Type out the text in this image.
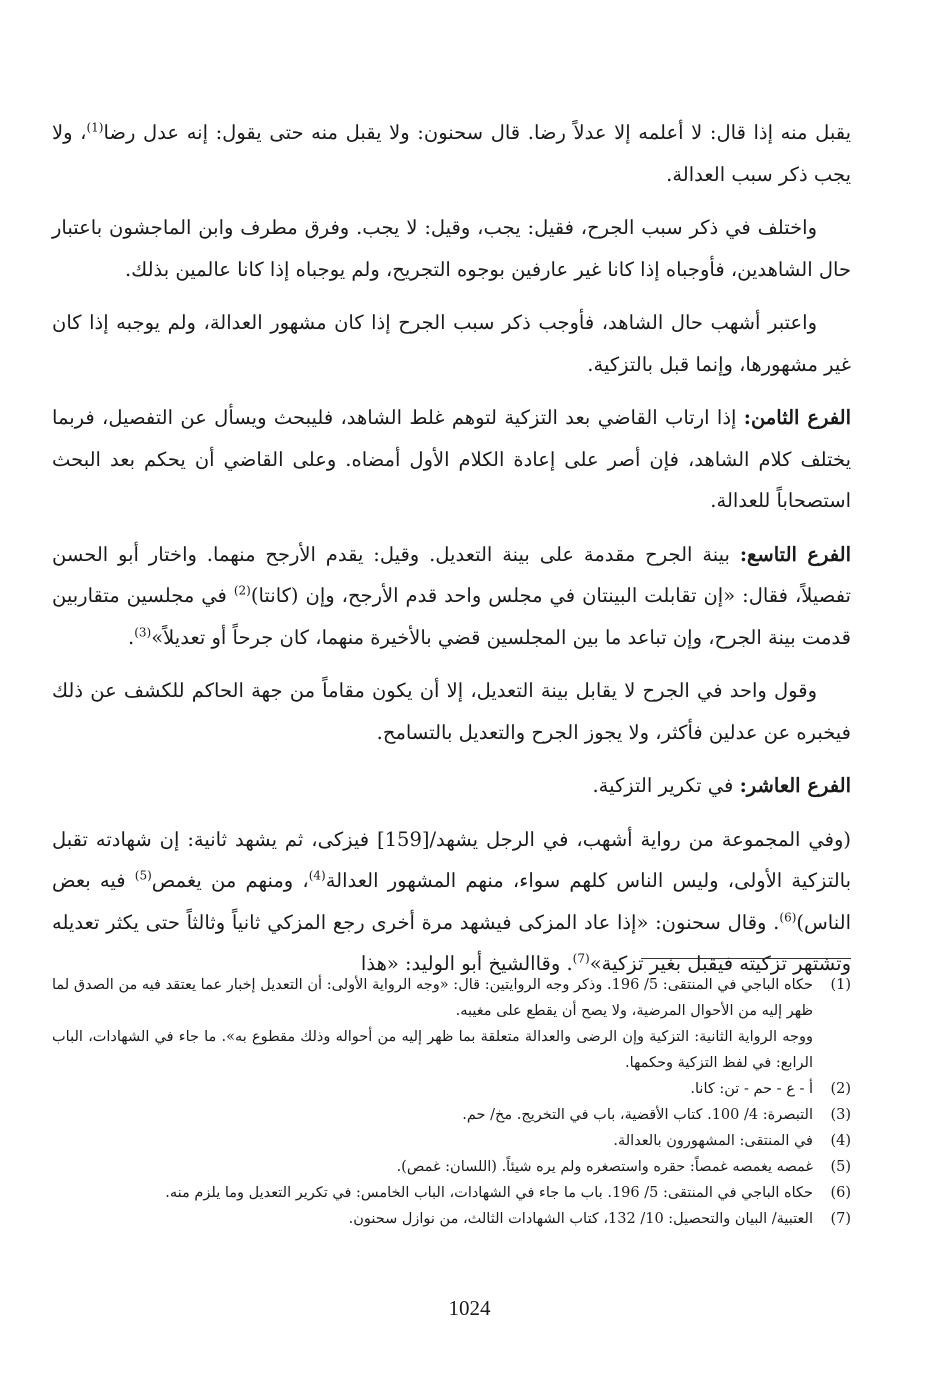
يقبل منه إذا قال: لا أعلمه إلا عدلاً رضا. قال سحنون: ولا يقبل منه حتى يقول: إنه عدل رضا$^{(1)}$، ولا يجب ذكر سبب العدالة.

واختلف في ذكر سبب الجرح، فقيل: يجب، وقيل: لا يجب. وفرق مطرف وابن الماجشون باعتبار حال الشاهدين، فأوجباه إذا كانا غير عارفين بوجوه التجريح، ولم يوجباه إذا كانا عالمين بذلك.

واعتبر أشهب حال الشاهد، فأوجب ذكر سبب الجرح إذا كان مشهور العدالة، ولم يوجبه إذا كان غير مشهورها، وإنما قبل بالتزكية.

الفرع الثامن: إذا ارتاب القاضي بعد التزكية لتوهم غلط الشاهد، فليبحث ويسأل عن التفصيل، فربما يختلف كلام الشاهد، فإن أصر على إعادة الكلام الأول أمضاه. وعلى القاضي أن يحكم بعد البحث استصحاباً للعدالة.

الفرع التاسع: بينة الجرح مقدمة على بينة التعديل. وقيل: يقدم الأرجح منهما. واختار أبو الحسن تفصيلاً، فقال: «إن تقابلت البينتان في مجلس واحد قدم الأرجح، وإن (كانتا)$^{(2)}$ في مجلسين متقاربين قدمت بينة الجرح، وإن تباعد ما بين المجلسين قضي بالأخيرة منهما، كان جرحاً أو تعديلاً»$^{(3)}$.

وقول واحد في الجرح لا يقابل بينة التعديل، إلا أن يكون مقاماً من جهة الحاكم للكشف عن ذلك فيخبره عن عدلين فأكثر، ولا يجوز الجرح والتعديل بالتسامح.

الفرع العاشر: في تكرير التزكية.

(وفي المجموعة من رواية أشهب، في الرجل يشهد/[159] فيزكى، ثم يشهد ثانية: إن شهادته تقبل بالتزكية الأولى، وليس الناس كلهم سواء، منهم المشهور العدالة$^{(4)}$، ومنهم من يغمص$^{(5)}$ فيه بعض الناس)$^{(6)}$. وقال سحنون: «إذا عاد المزكى فيشهد مرة أخرى رجع المزكي ثانياً وثالثاً حتى يكثر تعديله وتشتهر تزكيته فيقبل بغير تزكية»$^{(7)}$. وقاالشيخ أبو الوليد: «هذا

(1)
حكاه الباجي في المنتقى: 5/ 196. وذكر وجه الروايتين: قال: «وجه الرواية الأولى: أن التعديل إخبار عما يعتقد فيه من الصدق لما ظهر إليه من الأحوال المرضية، ولا يصح أن يقطع على مغيبه.
ووجه الرواية الثانية: التزكية وإن الرضى والعدالة متعلقة بما ظهر إليه من أحواله وذلك مقطوع به». ما جاء في الشهادات، الباب الرابع: في لفظ التزكية وحكمها.
(2)
أ - ع - حم - تن: كانا.
(3)
التبصرة: 4/ 100. كتاب الأقضية، باب في التخريج. مخ/ حم.
(4)
في المنتقى: المشهورون بالعدالة.
(5)
غمصه يغمصه غمصاً: حقره واستصغره ولم يره شيئاً. (اللسان: غمص).
(6)
حكاه الباجي في المنتقى: 5/ 196. باب ما جاء في الشهادات، الباب الخامس: في تكرير التعديل وما يلزم منه.
(7)
العتبية/ البيان والتحصيل: 10/ 132، كتاب الشهادات الثالث، من نوازل سحنون.
1024
